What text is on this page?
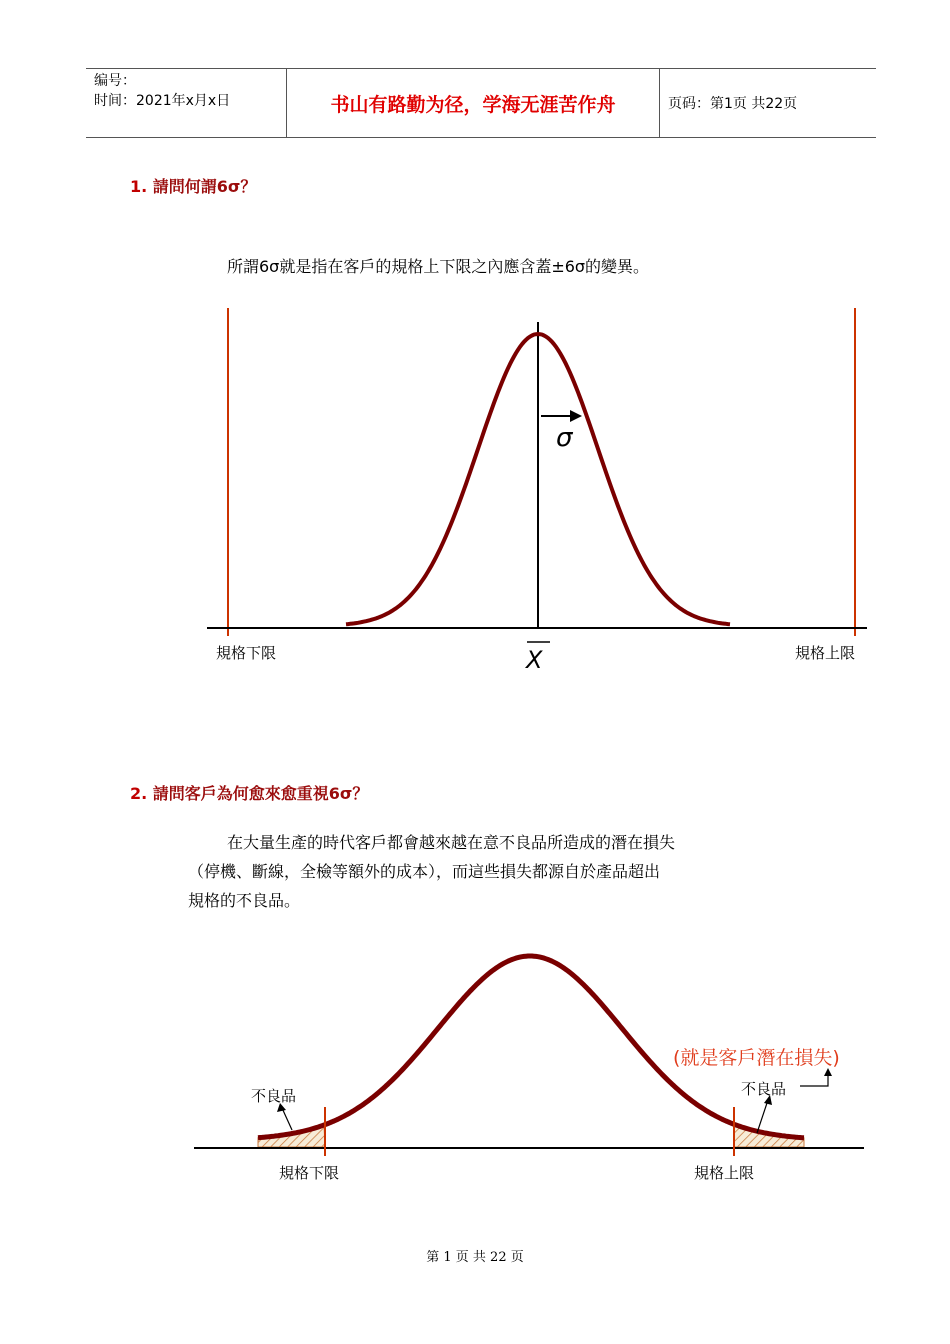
编号：
时间：2021年x月x日	书山有路勤为径，学海无涯苦作舟	页码：第1页 共22页
1. 請問何謂6σ？
所謂6σ就是指在客戶的規格上下限之內應含蓋±6σ的變異。
σ
規格下限	規格上限
X
2. 請問客戶為何愈來愈重視6σ？
在大量生產的時代客戶都會越來越在意不良品所造成的潛在損失
（停機、斷線，全檢等額外的成本），而這些損失都源自於產品超出
規格的不良品。
不良品	不良品
(就是客戶潛在損失)
規格下限	規格上限
第 1 页 共 22 页
